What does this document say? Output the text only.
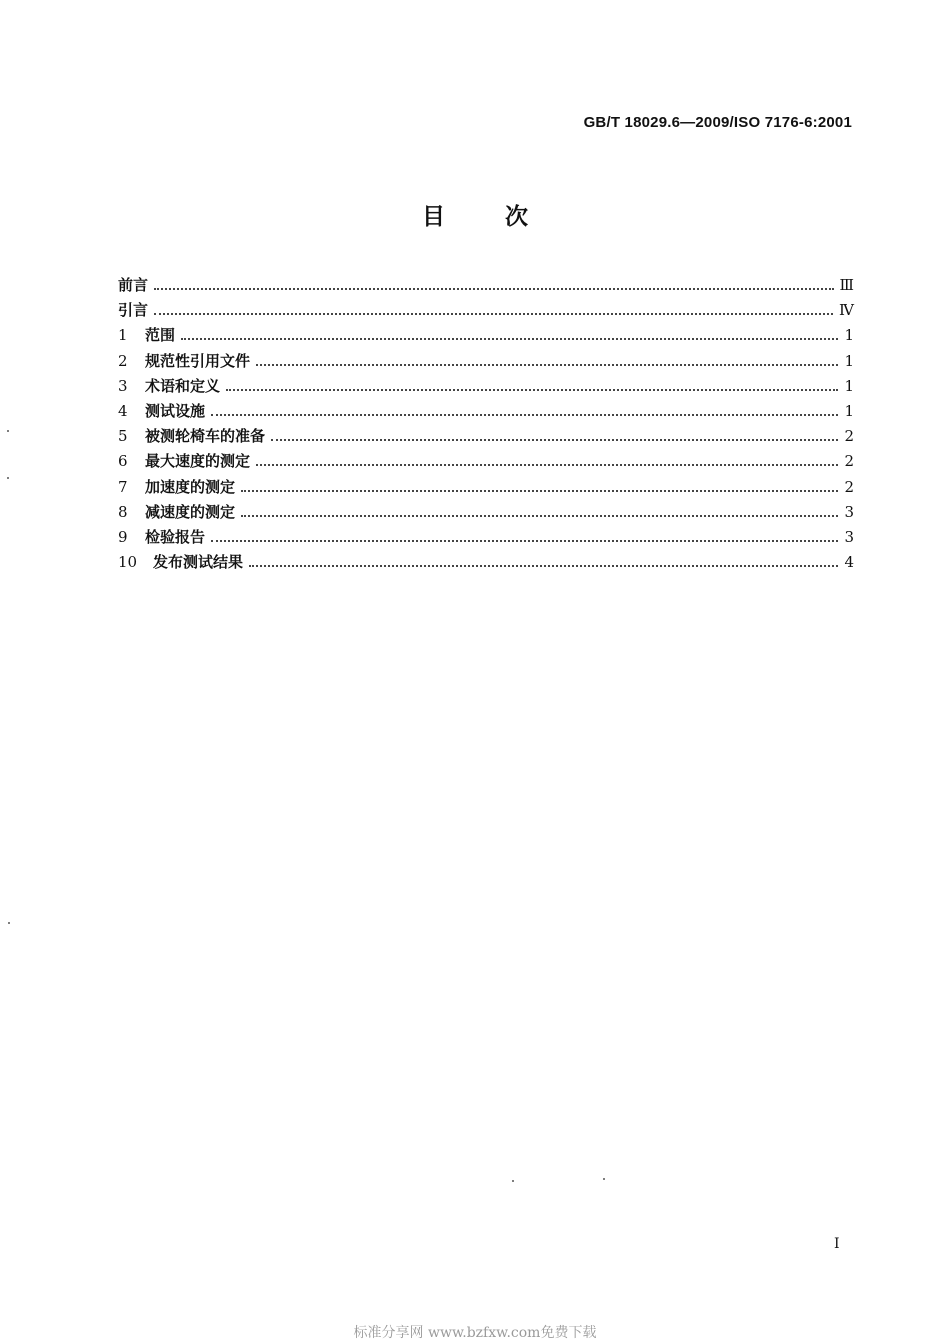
GB/T 18029.6—2009/ISO 7176-6:2001
目	次
前言	Ⅲ
引言	Ⅳ
1	范围	1
2	规范性引用文件	1
3	术语和定义	1
4	测试设施	1
5	被测轮椅车的准备	2
6	最大速度的测定	2
7	加速度的测定	2
8	减速度的测定	3
9	检验报告	3
10	发布测试结果	4
Ⅰ
标准分享网 www.bzfxw.com免费下载
